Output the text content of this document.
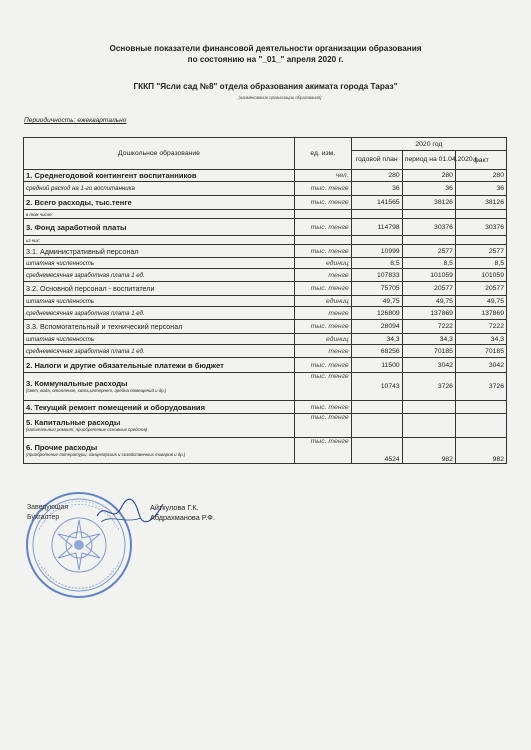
Основные показатели финансовой деятельности организации образования
по состоянию на "_01_" апреля 2020 г.
ГККП "Ясли сад №8" отдела образования акимата города Тараз"
(наименование организации образования)
Периодичность: ежеквартально
Дошкольное образование	ед. изм.	2020 год		
		годовой план	период на 01.04.2020 г.	факт
1. Среднегодовой контингент воспитанников	чел.	280	280	280
средний расход на 1-го воспитанника	тыс. тенге	36	36	36
2. Всего расходы, тыс.тенге	тыс. тенге	141565	38126	38126
в том числе:				
3. Фонд заработной платы	тыс. тенге	114798	30376	30376
из них:				
3.1. Административный персонал	тыс. тенге	10999	2577	2577
штатная численность	единиц	8,5	8,5	8,5
среднемесячная заработная плата 1 ед.	тенге	107833	101059	101059
3.2. Основной персонал - воспитатели	тыс. тенге	75705	20577	20577
штатная численность	единиц	49,75	49,75	49,75
среднемесячная заработная плата 1 ед.	тенге	126809	137869	137869
3.3. Вспомогательный и технический персонал	тыс. тенге	28094	7222	7222
штатная численность	единиц	34,3	34,3	34,3
среднемесячная заработная плата 1 ед.	тенге	68256	70185	70185
2. Налоги и другие обязательные платежи в бюджет	тыс. тенге	11500	3042	3042
3. Коммунальные расходы
(свет, вода, отопление, связь,интернет, аредна помещений и др.)	тыс. тенге	10743	3726	3726
4. Текущий ремонт помещений и оборудования	тыс. тенге			
5. Капитальные расходы
(капитальный ремонт, приобретение основных средств)	тыс. тенге			
6. Прочие расходы
(приобретение литературы, канцелярских и хозяйственных товаров и др.)	тыс. тенге	4524	982	982
Заведующая
Бухгалтер
Айткулова Г.К.
Абдрахманова Р.Ф.
